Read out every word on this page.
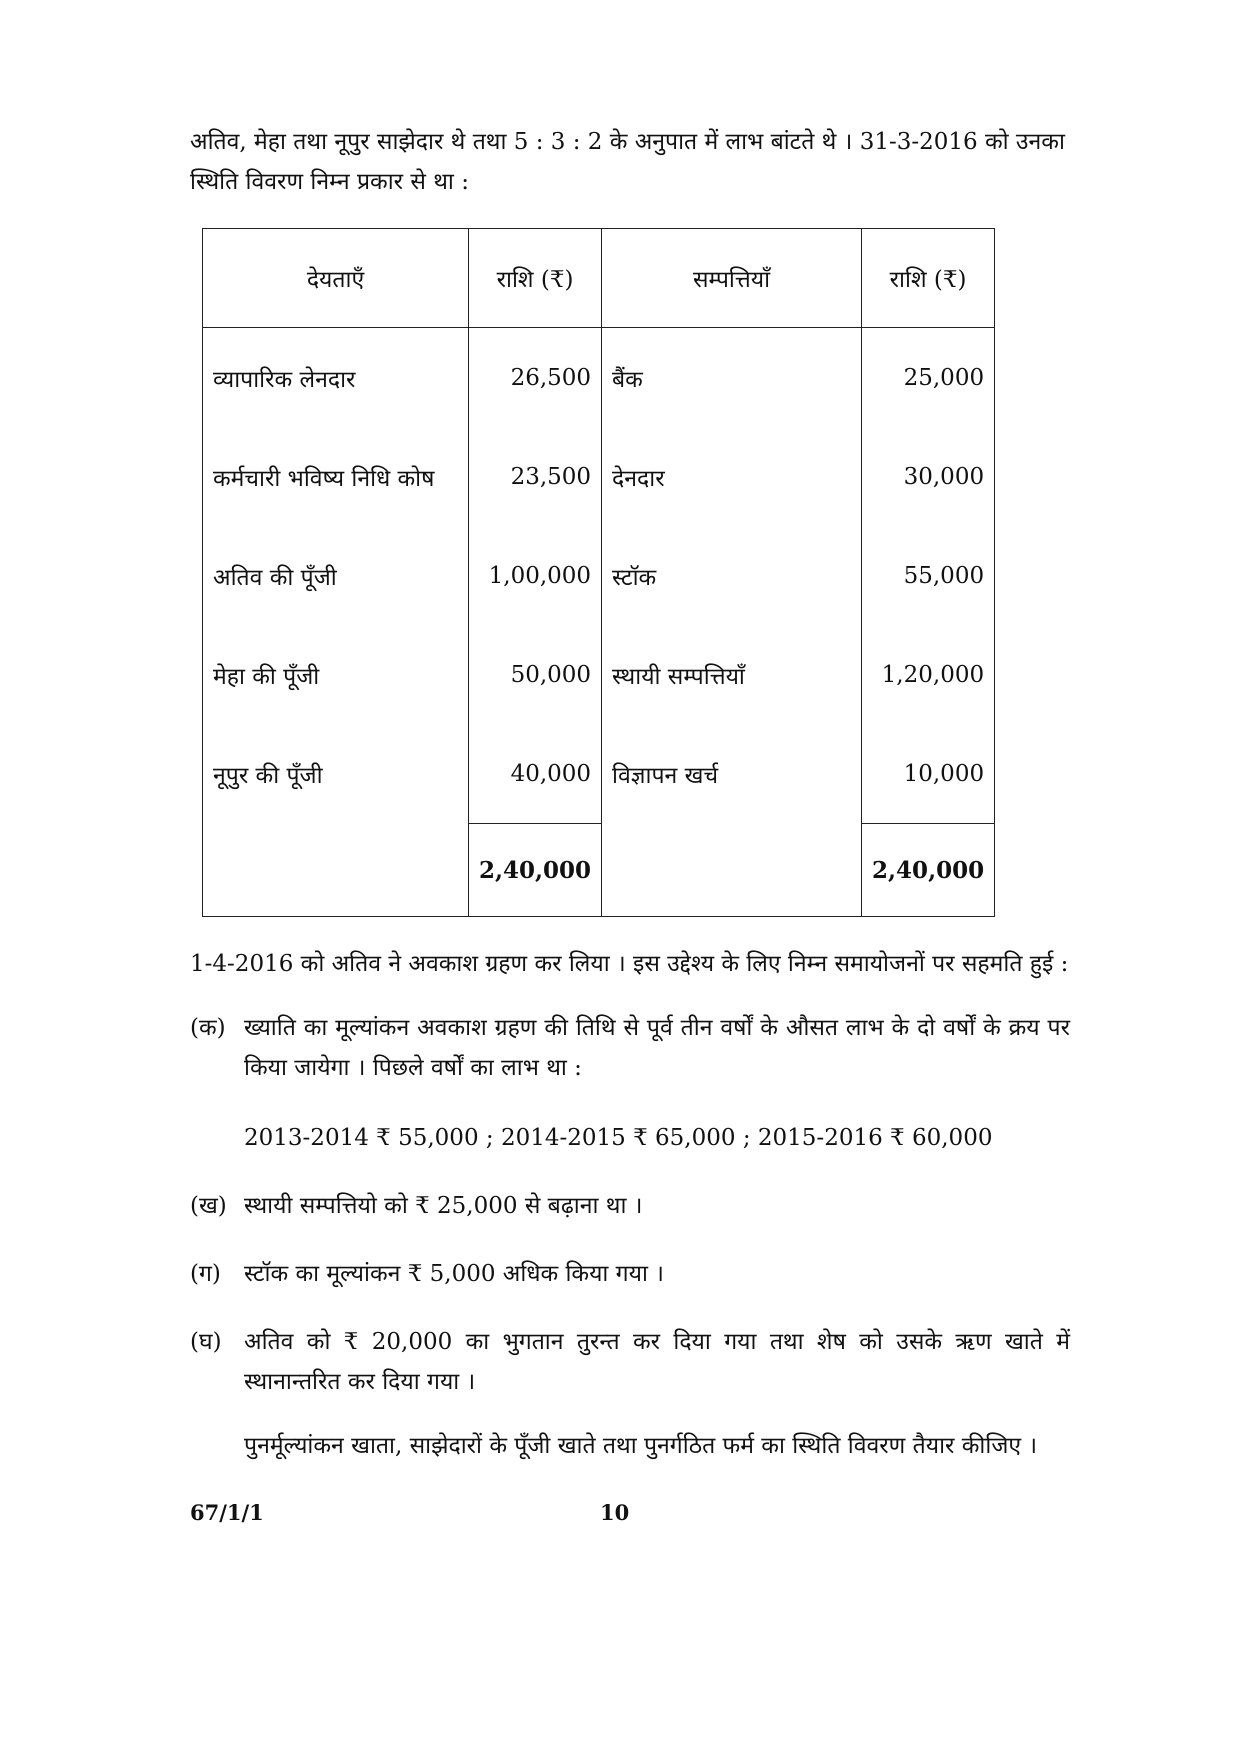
अतिव, मेहा तथा नूपुर साझेदार थे तथा 5 : 3 : 2 के अनुपात में लाभ बांटते थे । 31-3-2016 को उनका स्थिति विवरण निम्न प्रकार से था :
देयताएँ	राशि (₹)	सम्पत्तियाँ	राशि (₹)
व्यापारिक लेनदार	26,500	बैंक	25,000
कर्मचारी भविष्य निधि कोष	23,500	देनदार	30,000
अतिव की पूँजी	1,00,000	स्टॉक	55,000
मेहा की पूँजी	50,000	स्थायी सम्पत्तियाँ	1,20,000
नूपुर की पूँजी	40,000	विज्ञापन खर्च	10,000
	2,40,000		2,40,000
1-4-2016 को अतिव ने अवकाश ग्रहण कर लिया । इस उद्देश्य के लिए निम्न समायोजनों पर सहमति हुई :
(क) ख्याति का मूल्यांकन अवकाश ग्रहण की तिथि से पूर्व तीन वर्षों के औसत लाभ के दो वर्षों के क्रय पर किया जायेगा । पिछले वर्षों का लाभ था :
2013-2014 ₹ 55,000 ; 2014-2015 ₹ 65,000 ; 2015-2016 ₹ 60,000
(ख) स्थायी सम्पत्तियो को ₹ 25,000 से बढ़ाना था ।
(ग)	स्टॉक का मूल्यांकन ₹ 5,000 अधिक किया गया ।
(घ) अतिव को ₹ 20,000 का भुगतान तुरन्त कर दिया गया तथा शेष को उसके ऋण खाते में स्थानान्तरित कर दिया गया ।
पुनर्मूल्यांकन खाता, साझेदारों के पूँजी खाते तथा पुनर्गठित फर्म का स्थिति विवरण तैयार कीजिए ।
67/1/1	10
